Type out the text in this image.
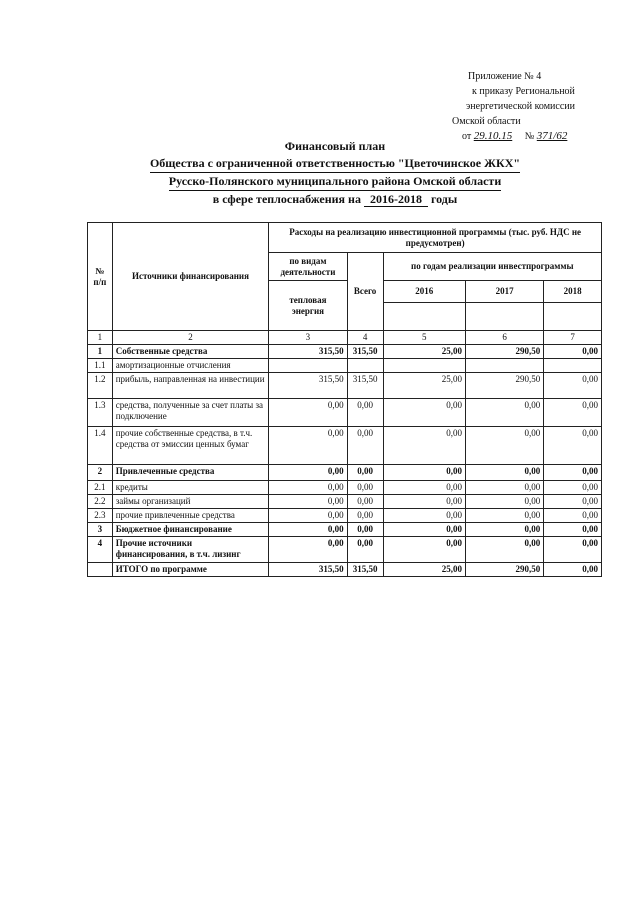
Приложение № 4
к приказу Региональной
энергетической комиссии
Омской области
от 29.10.15 № 371/62
Финансовый план
Общества с ограниченной ответственностью "Цветочинское ЖКХ"
Русско-Полянского муниципального района Омской области
в сфере теплоснабжения на 2016-2018 годы
№ п/п	Источники финансирования	Расходы на реализацию инвестиционной программы (тыс. руб. НДС не предусмотрен)				
		по видам деятельности	Всего	по годам реализации инвестпрограммы		
		тепловая энергия		2016	2017	2018

1	2	3	4	5	6	7
1	Собственные средства	315,50	315,50	25,00	290,50	0,00
1.1	амортизационные отчисления					
1.2	прибыль, направленная на инвестиции	315,50	315,50	25,00	290,50	0,00
1.3	средства, полученные за счет платы за подключение	0,00	0,00	0,00	0,00	0,00
1.4	прочие собственные средства, в т.ч. средства от эмиссии ценных бумаг	0,00	0,00	0,00	0,00	0,00
2	Привлеченные средства	0,00	0,00	0,00	0,00	0,00
2.1	кредиты	0,00	0,00	0,00	0,00	0,00
2.2	займы организаций	0,00	0,00	0,00	0,00	0,00
2.3	прочие привлеченные средства	0,00	0,00	0,00	0,00	0,00
3	Бюджетное финансирование	0,00	0,00	0,00	0,00	0,00
4	Прочие источники финансирования, в т.ч. лизинг	0,00	0,00	0,00	0,00	0,00
	ИТОГО по программе	315,50	315,50	25,00	290,50	0,00
